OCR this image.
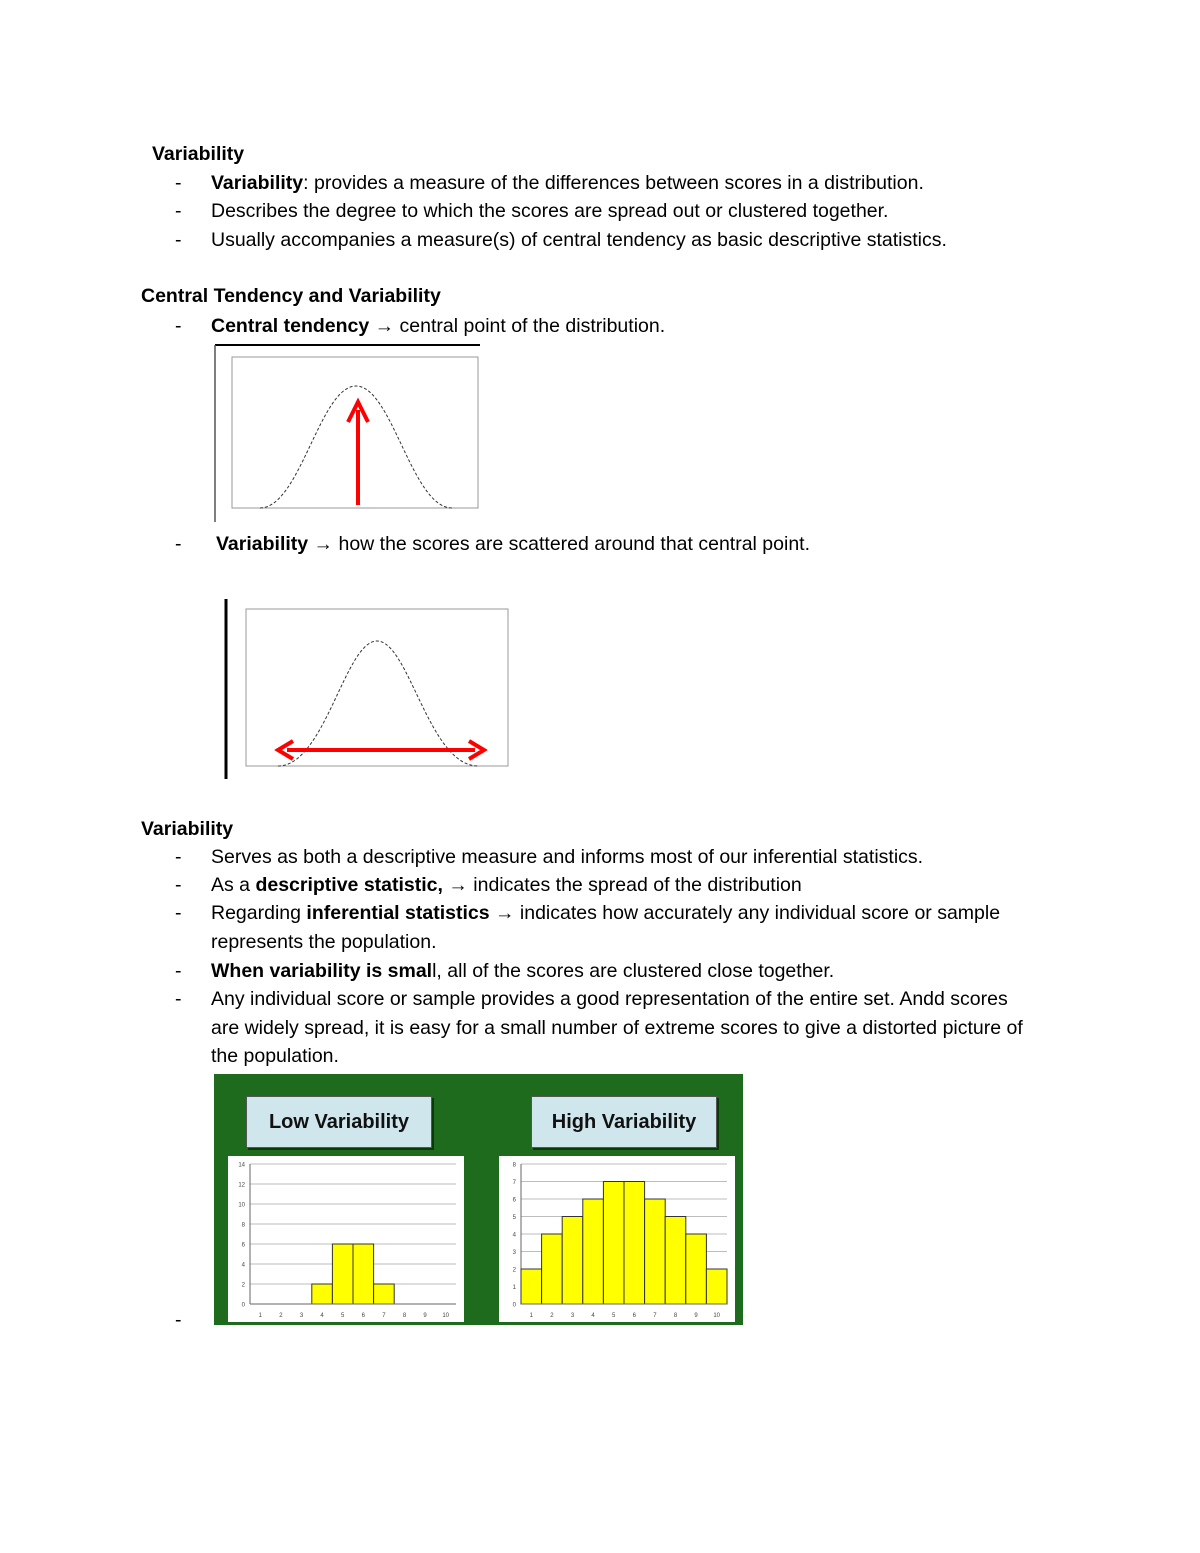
Variability
- Variability: provides a measure of the differences between scores in a distribution.
- Describes the degree to which the scores are spread out or clustered together.
- Usually accompanies a measure(s) of central tendency as basic descriptive statistics.
Central Tendency and Variability
- Central tendency → central point of the distribution.
- Variability → how the scores are scattered around that central point.
Variability
- Serves as both a descriptive measure and informs most of our inferential statistics.
- As a descriptive statistic, → indicates the spread of the distribution
- Regarding inferential statistics → indicates how accurately any individual score or sample represents the population.
- When variability is small, all of the scores are clustered close together.
- Any individual score or sample provides a good representation of the entire set. Andd scores are widely spread, it is easy for a small number of extreme scores to give a distorted picture of the population.
-
Low Variability	High Variability
0
2
4
6
8
10
12
14
1	2	3	4	5	6	7	8	9	10
0
1
2
3
4
5
6
7
8
1	2	3	4	5	6	7	8	9	10
